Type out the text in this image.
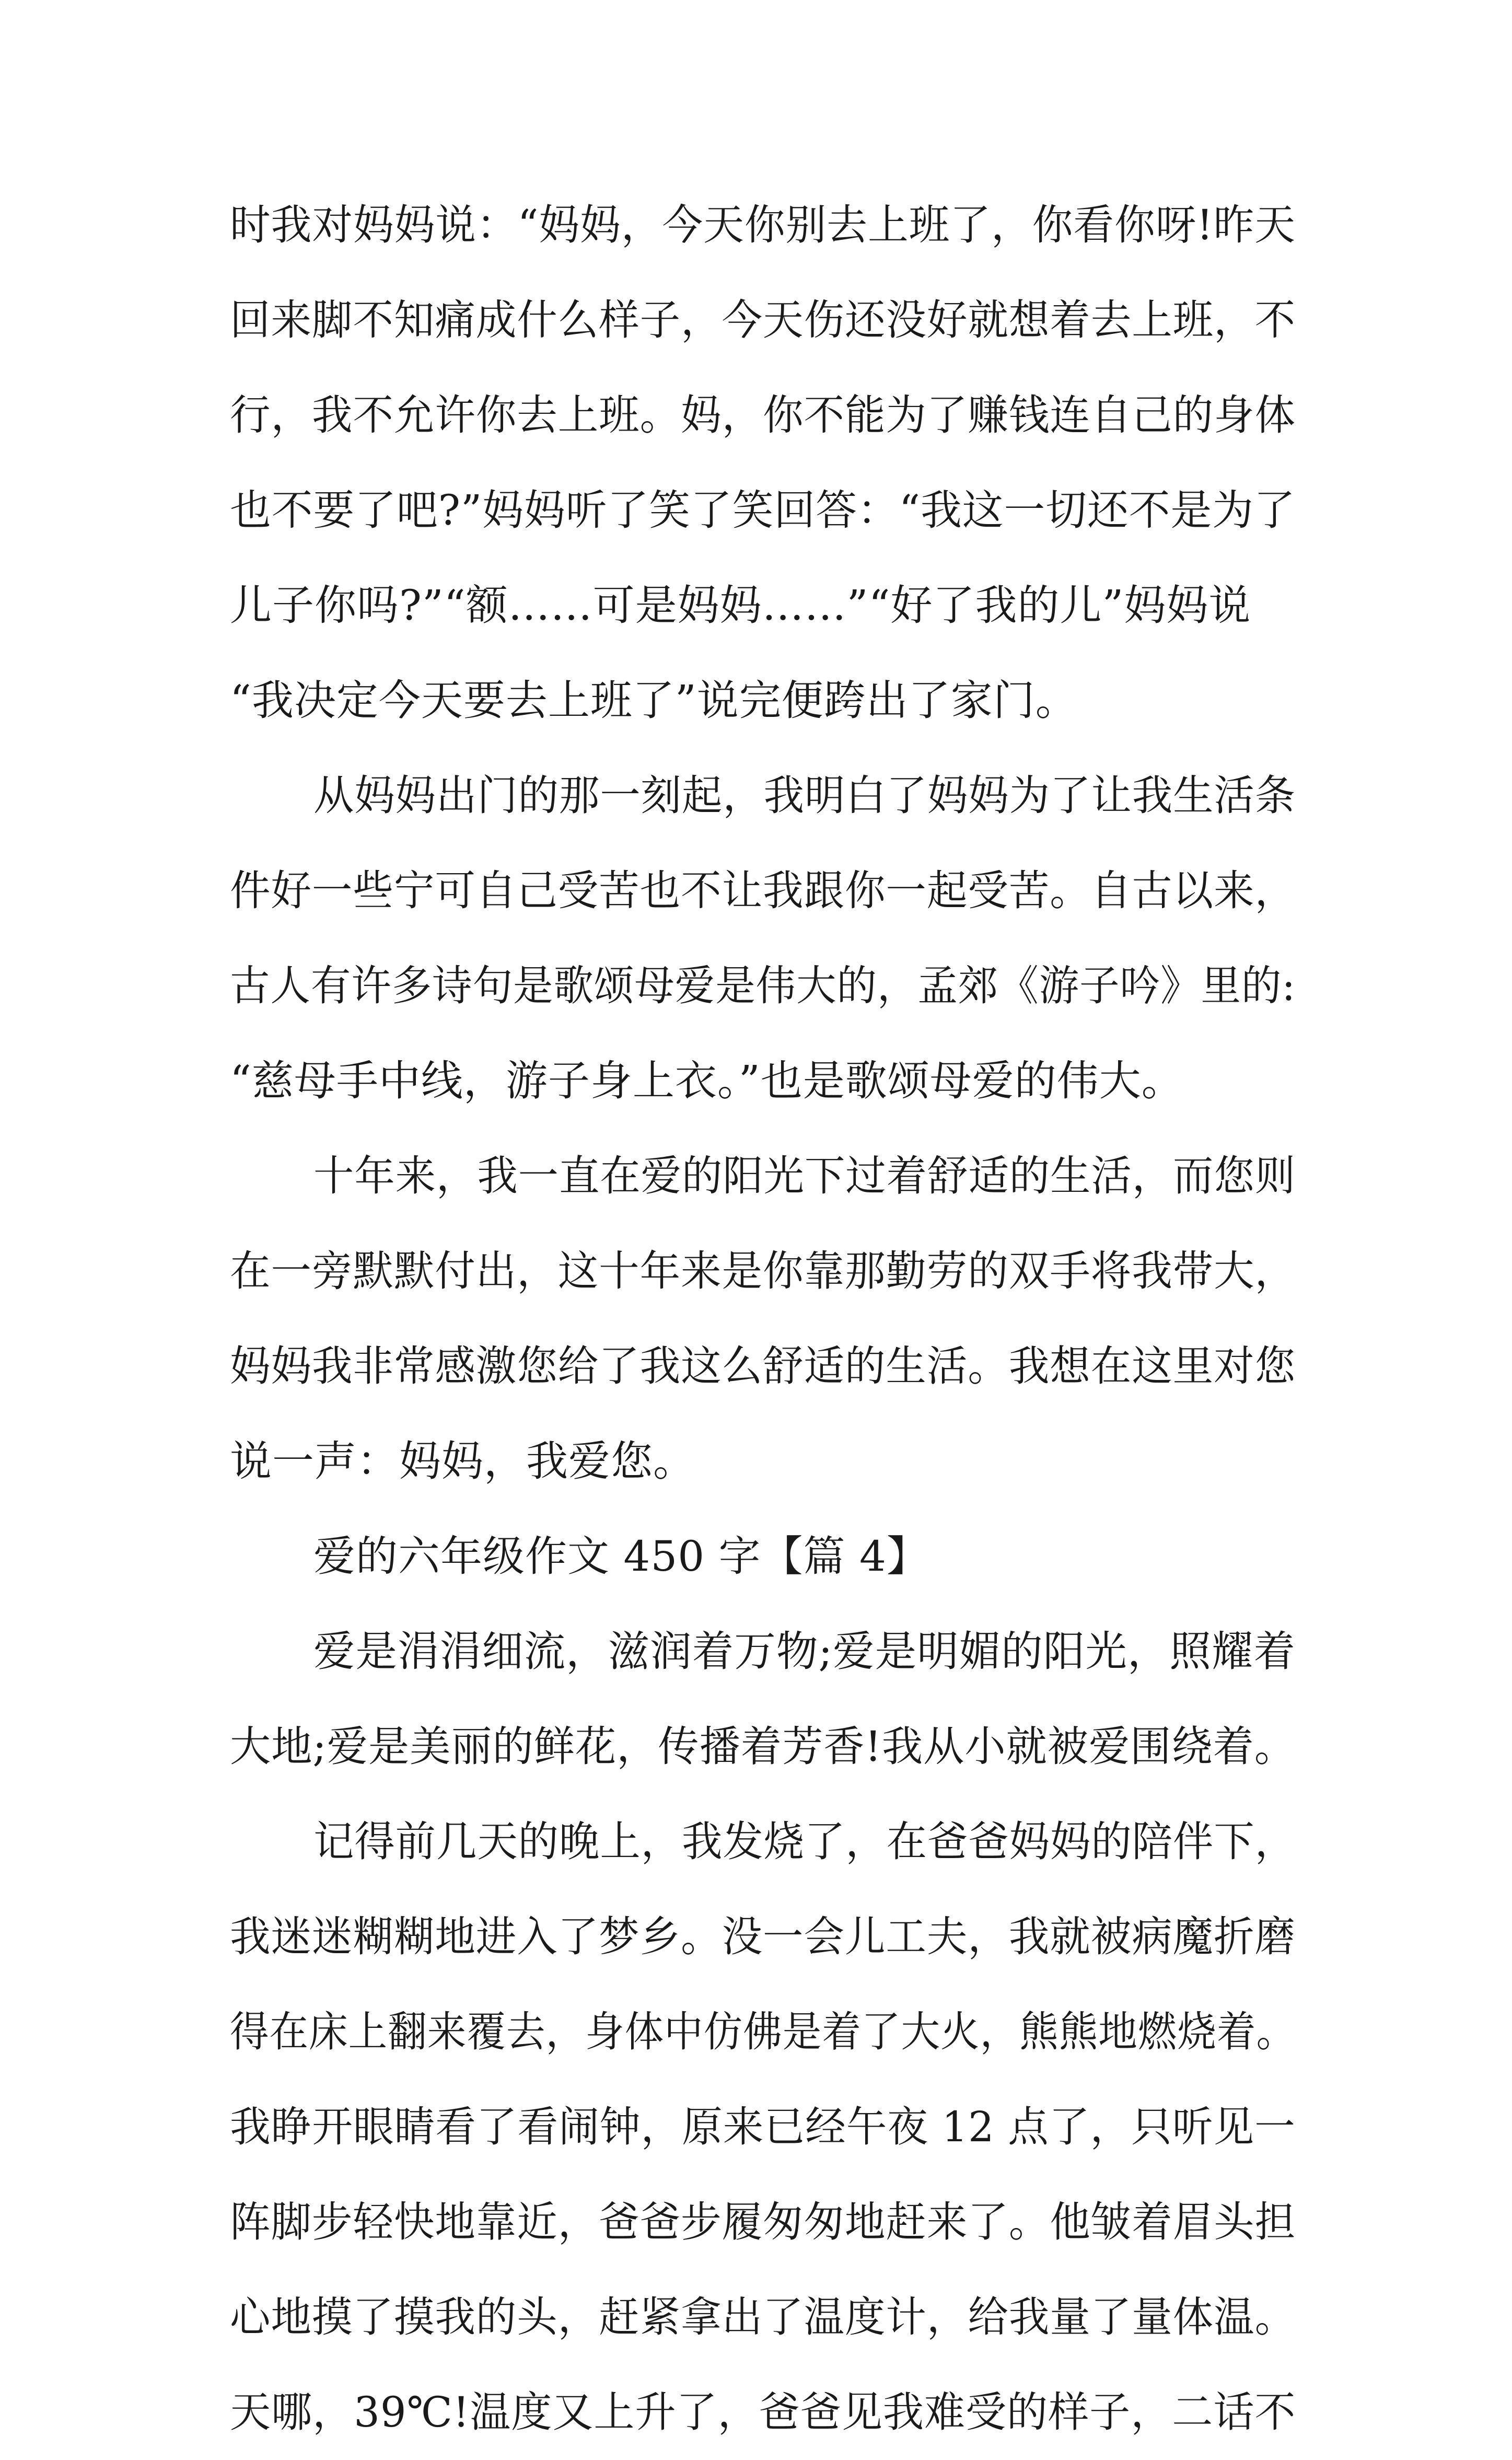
时我对妈妈说：“妈妈，今天你别去上班了，你看你呀!昨天
回来脚不知痛成什么样子，今天伤还没好就想着去上班，不
行，我不允许你去上班。妈，你不能为了赚钱连自己的身体
也不要了吧?”妈妈听了笑了笑回答：“我这一切还不是为了
儿子你吗?”“额……可是妈妈……”“好了我的儿”妈妈说
“我决定今天要去上班了”说完便跨出了家门。
从妈妈出门的那一刻起，我明白了妈妈为了让我生活条
件好一些宁可自己受苦也不让我跟你一起受苦。自古以来，
古人有许多诗句是歌颂母爱是伟大的，孟郊《游子吟》里的:
“慈母手中线，游子身上衣。”也是歌颂母爱的伟大。
十年来，我一直在爱的阳光下过着舒适的生活，而您则
在一旁默默付出，这十年来是你靠那勤劳的双手将我带大，
妈妈我非常感激您给了我这么舒适的生活。我想在这里对您
说一声：妈妈，我爱您。
爱的六年级作文 450 字【篇 4】
爱是涓涓细流，滋润着万物;爱是明媚的阳光，照耀着
大地;爱是美丽的鲜花，传播着芳香!我从小就被爱围绕着。
记得前几天的晚上，我发烧了，在爸爸妈妈的陪伴下，
我迷迷糊糊地进入了梦乡。没一会儿工夫，我就被病魔折磨
得在床上翻来覆去，身体中仿佛是着了大火，熊熊地燃烧着。
我睁开眼睛看了看闹钟，原来已经午夜 12 点了，只听见一
阵脚步轻快地靠近，爸爸步履匆匆地赶来了。他皱着眉头担
心地摸了摸我的头，赶紧拿出了温度计，给我量了量体温。
天哪，39℃!温度又上升了，爸爸见我难受的样子，二话不
